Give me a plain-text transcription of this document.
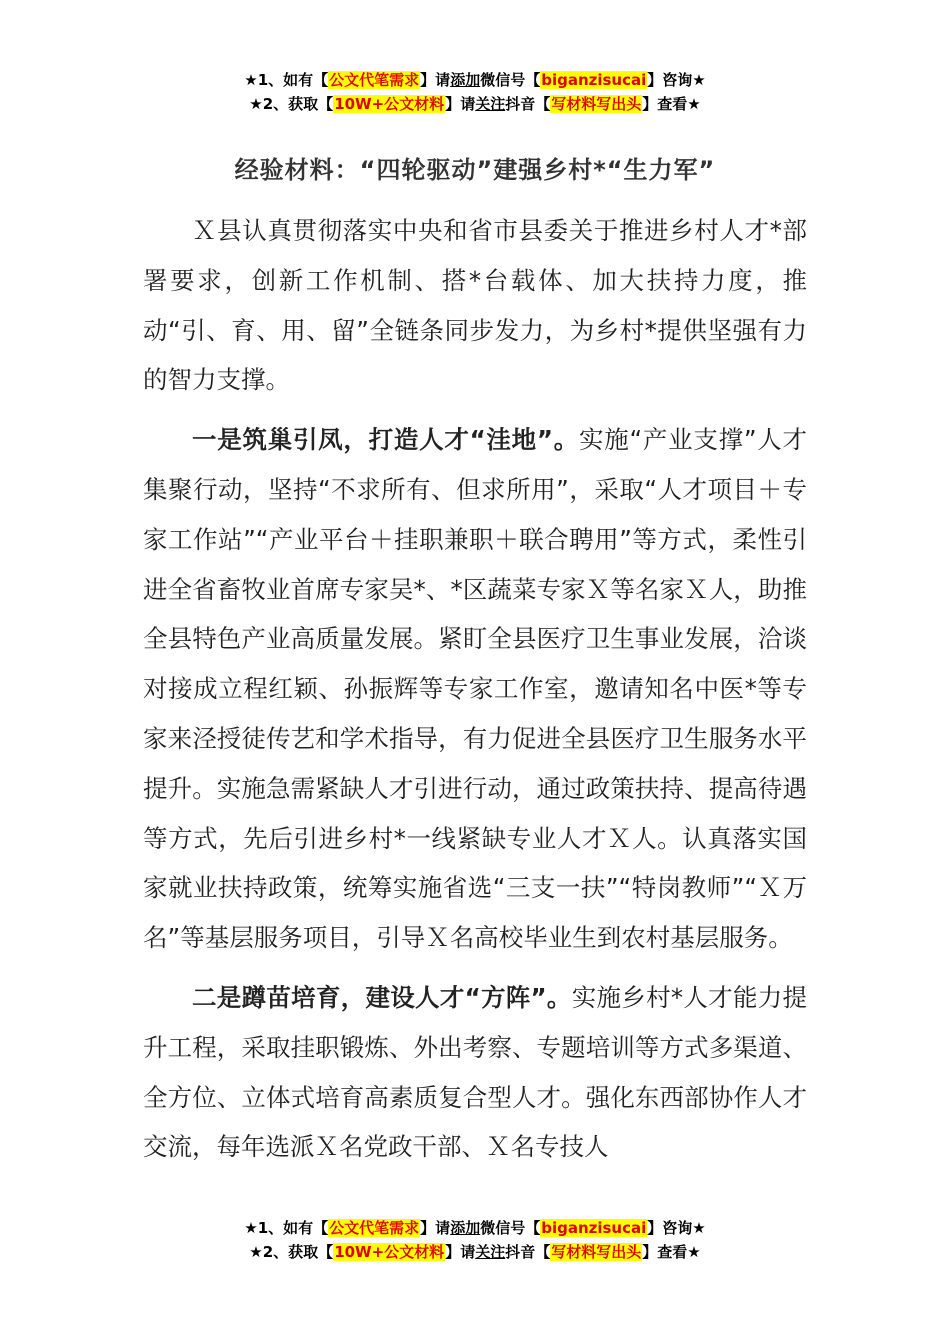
★1、如有【公文代笔需求】请添加微信号【biganzisucai】咨询★
★2、获取【10W+公文材料】请关注抖音【写材料写出头】查看★
经验材料：“四轮驱动”建强乡村*“生力军”

Ｘ县认真贯彻落实中央和省市县委关于推进乡村人才*部署要求，创新工作机制、搭*台载体、加大扶持力度，推动“引、育、用、留”全链条同步发力，为乡村*提供坚强有力的智力支撑。

一是筑巢引凤，打造人才“洼地”。实施“产业支撑”人才集聚行动，坚持“不求所有、但求所用”，采取“人才项目＋专家工作站”“产业平台＋挂职兼职＋联合聘用”等方式，柔性引进全省畜牧业首席专家吴*、*区蔬菜专家Ｘ等名家Ｘ人，助推全县特色产业高质量发展。紧盯全县医疗卫生事业发展，洽谈对接成立程红颖、孙振辉等专家工作室，邀请知名中医*等专家来泾授徒传艺和学术指导，有力促进全县医疗卫生服务水平提升。实施急需紧缺人才引进行动，通过政策扶持、提高待遇等方式，先后引进乡村*一线紧缺专业人才Ｘ人。认真落实国家就业扶持政策，统筹实施省选“三支一扶”“特岗教师”“Ｘ万名”等基层服务项目，引导Ｘ名高校毕业生到农村基层服务。

二是蹲苗培育，建设人才“方阵”。实施乡村*人才能力提升工程，采取挂职锻炼、外出考察、专题培训等方式多渠道、全方位、立体式培育高素质复合型人才。强化东西部协作人才交流，每年选派Ｘ名党政干部、Ｘ名专技人

★1、如有【公文代笔需求】请添加微信号【biganzisucai】咨询★
★2、获取【10W+公文材料】请关注抖音【写材料写出头】查看★
